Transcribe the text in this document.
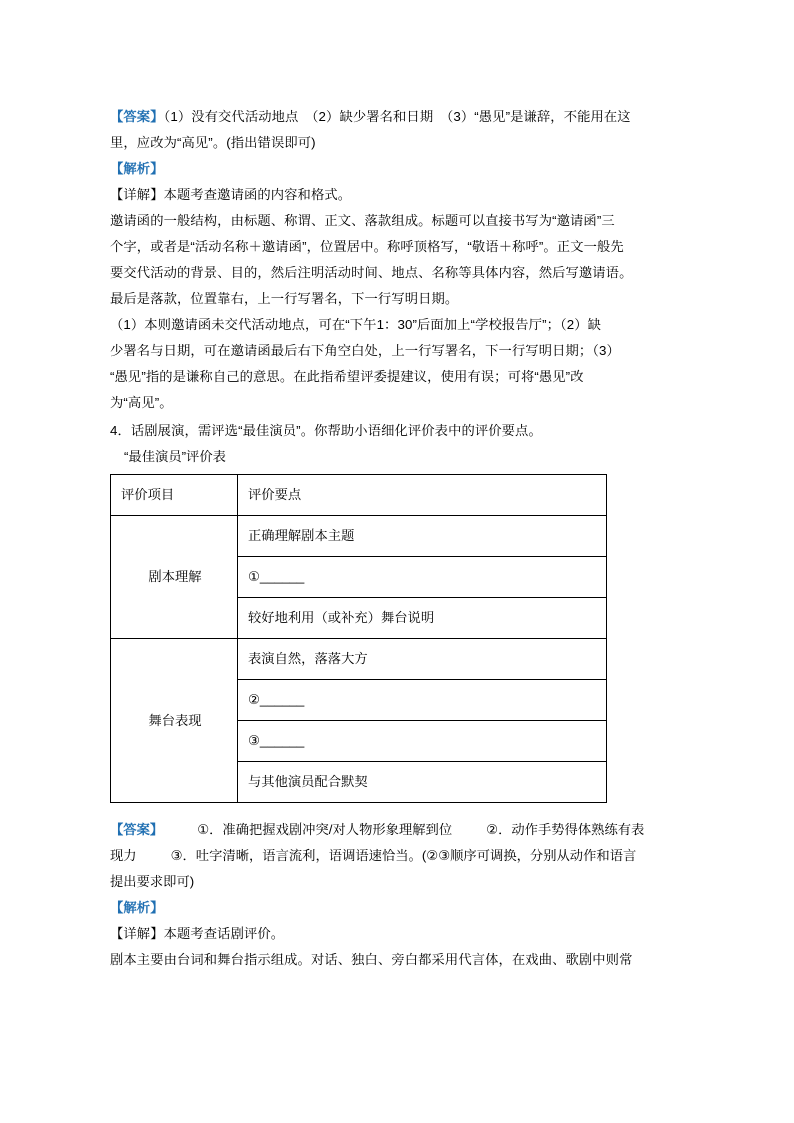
【答案】（1）没有交代活动地点　（2）缺少署名和日期　（3）“愚见”是谦辞，不能用在这
里，应改为“高见”。(指出错误即可)
【解析】
【详解】本题考查邀请函的内容和格式。
邀请函的一般结构，由标题、称谓、正文、落款组成。标题可以直接书写为“邀请函”三
个字，或者是“活动名称＋邀请函”，位置居中。称呼顶格写，“敬语＋称呼”。正文一般先
要交代活动的背景、目的，然后注明活动时间、地点、名称等具体内容，然后写邀请语。
最后是落款，位置靠右，上一行写署名，下一行写明日期。
（1）本则邀请函未交代活动地点，可在“下午1：30”后面加上“学校报告厅”；（2）缺
少署名与日期，可在邀请函最后右下角空白处，上一行写署名，下一行写明日期；（3）
“愚见”指的是谦称自己的意思。在此指希望评委提建议，使用有误；可将“愚见”改
为“高见”。
4．话剧展演，需评选“最佳演员”。你帮助小语细化评价表中的评价要点。
“最佳演员”评价表
评价项目	评价要点
剧本理解	正确理解剧本主题
	①______
	较好地利用（或补充）舞台说明
舞台表现	表演自然，落落大方
	②______
	③______
	与其他演员配合默契
【答案】	①．准确把握戏剧冲突/对人物形象理解到位	②．动作手势得体熟练有表
现力	③．吐字清晰，语言流利，语调语速恰当。(②③顺序可调换，分别从动作和语言
提出要求即可)
【解析】
【详解】本题考查话剧评价。
剧本主要由台词和舞台指示组成。对话、独白、旁白都采用代言体，在戏曲、歌剧中则常
